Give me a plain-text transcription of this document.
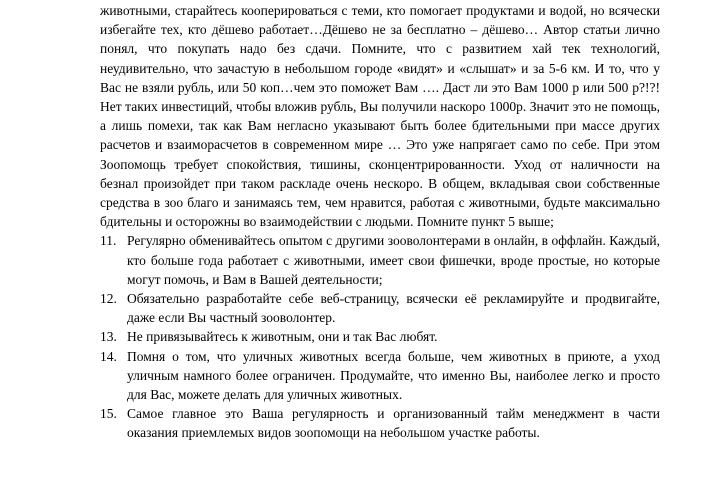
животными, старайтесь кооперироваться с теми, кто помогает продуктами и водой, но всячески избегайте тех, кто дёшево работает…Дёшево не за бесплатно – дёшево… Автор статьи лично понял, что покупать надо без сдачи. Помните, что с развитием хай тек технологий, неудивительно, что зачастую в небольшом городе «видят» и «слышат» и за 5-6 км. И то, что у Вас не взяли рубль, или 50 коп…чем это поможет Вам …. Даст ли это Вам 1000 р или 500 р?!?! Нет таких инвестиций, чтобы вложив рубль, Вы получили наскоро 1000р. Значит это не помощь, а лишь помехи, так как Вам негласно указывают быть более бдительными при массе других расчетов и взаиморасчетов в современном мире … Это уже напрягает само по себе. При этом Зоопомощь требует спокойствия, тишины, сконцентрированности. Уход от наличности на безнал произойдет при таком раскладе очень нескоро. В общем, вкладывая свои собственные средства в зоо благо и занимаясь тем, чем нравится, работая с животными, будьте максимально бдительны и осторожны во взаимодействии с людьми. Помните пункт 5 выше;

11. Регулярно обменивайтесь опытом с другими зооволонтерами в онлайн, в оффлайн. Каждый, кто больше года работает с животными, имеет свои фишечки, вроде простые, но которые могут помочь, и Вам в Вашей деятельности;
12. Обязательно разработайте себе веб-страницу, всячески её рекламируйте и продвигайте, даже если Вы частный зооволонтер.
13. Не привязывайтесь к животным, они и так Вас любят.
14. Помня о том, что уличных животных всегда больше, чем животных в приюте, а уход уличным намного более ограничен. Продумайте, что именно Вы, наиболее легко и просто для Вас, можете делать для уличных животных.
15. Самое главное это Ваша регулярность и организованный тайм менеджмент в части оказания приемлемых видов зоопомощи на небольшом участке работы.
